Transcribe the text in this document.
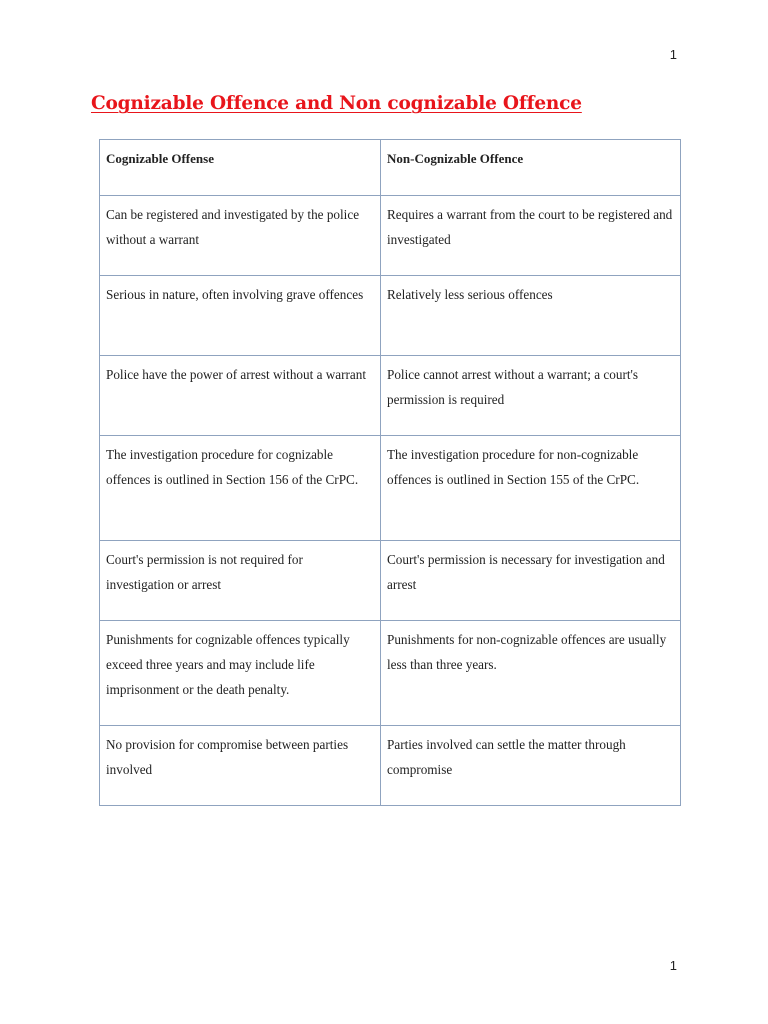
1
Cognizable Offence and Non cognizable Offence
Cognizable Offense	Non-Cognizable Offence
Can be registered and investigated by the police without a warrant	Requires a warrant from the court to be registered and investigated
Serious in nature, often involving grave offences	Relatively less serious offences
Police have the power of arrest without a warrant	Police cannot arrest without a warrant; a court's permission is required
The investigation procedure for cognizable offences is outlined in Section 156 of the CrPC.	The investigation procedure for non-cognizable offences is outlined in Section 155 of the CrPC.
Court's permission is not required for investigation or arrest	Court's permission is necessary for investigation and arrest
Punishments for cognizable offences typically exceed three years and may include life imprisonment or the death penalty.	Punishments for non-cognizable offences are usually less than three years.
No provision for compromise between parties involved	Parties involved can settle the matter through compromise
1
